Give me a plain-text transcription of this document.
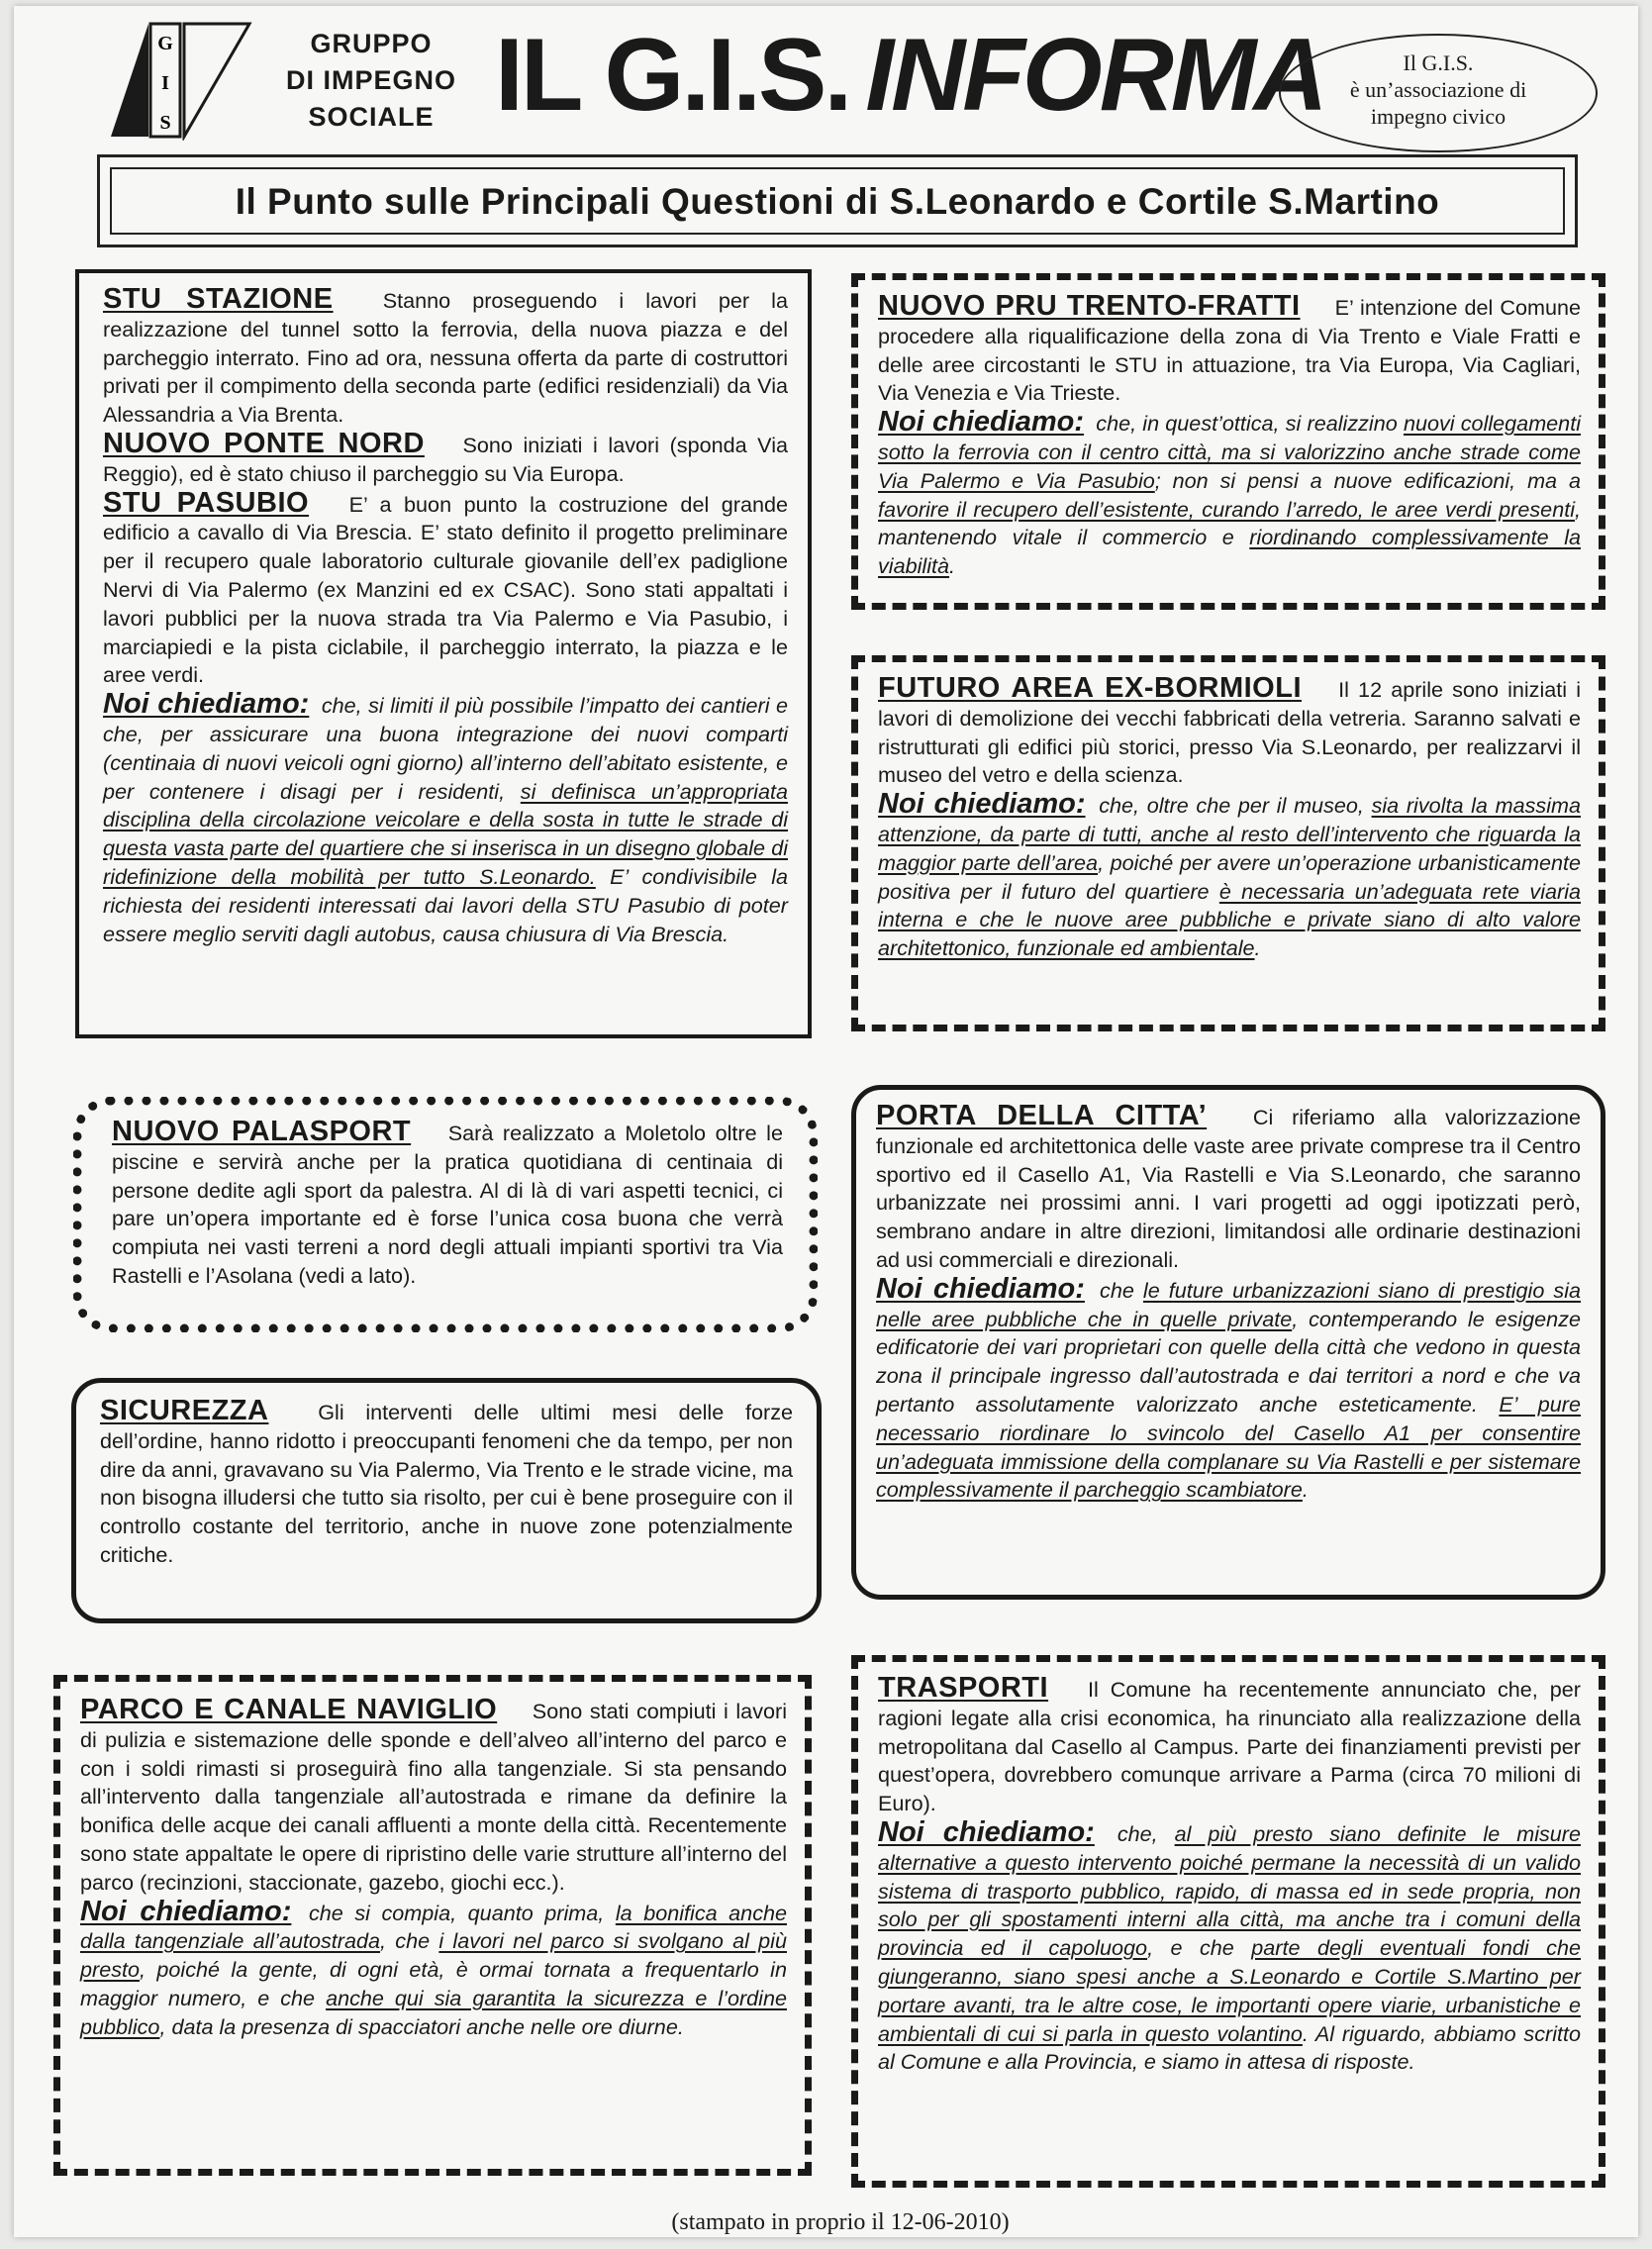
G
I
S
GRUPPO
DI IMPEGNO
SOCIALE IL G.I.S. INFORMA	Il G.I.S.
è un’associazione di
impegno civico
Il Punto sulle Principali Questioni di S.Leonardo e Cortile S.Martino

STU STAZIONE Stanno proseguendo i lavori per la realizzazione del tunnel sotto la ferrovia, della nuova piazza e del parcheggio interrato. Fino ad ora, nessuna offerta da parte di costruttori privati per il compimento della seconda parte (edifici residenziali) da Via Alessandria a Via Brenta.

NUOVO PONTE NORD Sono iniziati i lavori (sponda Via Reggio), ed è stato chiuso il parcheggio su Via Europa.

STU PASUBIO E’ a buon punto la costruzione del grande edificio a cavallo di Via Brescia. E’ stato definito il progetto preliminare per il recupero quale laboratorio culturale giovanile dell’ex padiglione Nervi di Via Palermo (ex Manzini ed ex CSAC). Sono stati appaltati i lavori pubblici per la nuova strada tra Via Palermo e Via Pasubio, i marciapiedi e la pista ciclabile, il parcheggio interrato, la piazza e le aree verdi.

Noi chiediamo: che, si limiti il più possibile l’impatto dei cantieri e che, per assicurare una buona integrazione dei nuovi comparti (centinaia di nuovi veicoli ogni giorno) all’interno dell’abitato esistente, e per contenere i disagi per i residenti, si definisca un’appropriata disciplina della circolazione veicolare e della sosta in tutte le strade di questa vasta parte del quartiere che si inserisca in un disegno globale di ridefinizione della mobilità per tutto S.Leonardo. E’ condivisibile la richiesta dei residenti interessati dai lavori della STU Pasubio di poter essere meglio serviti dagli autobus, causa chiusura di Via Brescia.

NUOVO PALASPORT Sarà realizzato a Moletolo oltre le piscine e servirà anche per la pratica quotidiana di centinaia di persone dedite agli sport da palestra. Al di là di vari aspetti tecnici, ci pare un’opera importante ed è forse l’unica cosa buona che verrà compiuta nei vasti terreni a nord degli attuali impianti sportivi tra Via Rastelli e l’Asolana (vedi a lato).

SICUREZZA Gli interventi delle ultimi mesi delle forze dell’ordine, hanno ridotto i preoccupanti fenomeni che da tempo, per non dire da anni, gravavano su Via Palermo, Via Trento e le strade vicine, ma non bisogna illudersi che tutto sia risolto, per cui è bene proseguire con il controllo costante del territorio, anche in nuove zone potenzialmente critiche.

PARCO E CANALE NAVIGLIO Sono stati compiuti i lavori di pulizia e sistemazione delle sponde e dell’alveo all’interno del parco e con i soldi rimasti si proseguirà fino alla tangenziale. Si sta pensando all’intervento dalla tangenziale all’autostrada e rimane da definire la bonifica delle acque dei canali affluenti a monte della città. Recentemente sono state appaltate le opere di ripristino delle varie strutture all’interno del parco (recinzioni, staccionate, gazebo, giochi ecc.).

Noi chiediamo: che si compia, quanto prima, la bonifica anche dalla tangenziale all’autostrada, che i lavori nel parco si svolgano al più presto, poiché la gente, di ogni età, è ormai tornata a frequentarlo in maggior numero, e che anche qui sia garantita la sicurezza e l’ordine pubblico, data la presenza di spacciatori anche nelle ore diurne.

NUOVO PRU TRENTO-FRATTI E’ intenzione del Comune procedere alla riqualificazione della zona di Via Trento e Viale Fratti e delle aree circostanti le STU in attuazione, tra Via Europa, Via Cagliari, Via Venezia e Via Trieste.

Noi chiediamo: che, in quest’ottica, si realizzino nuovi collegamenti sotto la ferrovia con il centro città, ma si valorizzino anche strade come Via Palermo e Via Pasubio; non si pensi a nuove edificazioni, ma a favorire il recupero dell’esistente, curando l’arredo, le aree verdi presenti, mantenendo vitale il commercio e riordinando complessivamente la viabilità.

FUTURO AREA EX-BORMIOLI Il 12 aprile sono iniziati i lavori di demolizione dei vecchi fabbricati della vetreria. Saranno salvati e ristrutturati gli edifici più storici, presso Via S.Leonardo, per realizzarvi il museo del vetro e della scienza.

Noi chiediamo: che, oltre che per il museo, sia rivolta la massima attenzione, da parte di tutti, anche al resto dell’intervento che riguarda la maggior parte dell’area, poiché per avere un’operazione urbanisticamente positiva per il futuro del quartiere è necessaria un’adeguata rete viaria interna e che le nuove aree pubbliche e private siano di alto valore architettonico, funzionale ed ambientale.

PORTA DELLA CITTA’ Ci riferiamo alla valorizzazione funzionale ed architettonica delle vaste aree private comprese tra il Centro sportivo ed il Casello A1, Via Rastelli e Via S.Leonardo, che saranno urbanizzate nei prossimi anni. I vari progetti ad oggi ipotizzati però, sembrano andare in altre direzioni, limitandosi alle ordinarie destinazioni ad usi commerciali e direzionali.

Noi chiediamo: che le future urbanizzazioni siano di prestigio sia nelle aree pubbliche che in quelle private, contemperando le esigenze edificatorie dei vari proprietari con quelle della città che vedono in questa zona il principale ingresso dall’autostrada e dai territori a nord e che va pertanto assolutamente valorizzato anche esteticamente. E’ pure necessario riordinare lo svincolo del Casello A1 per consentire un’adeguata immissione della complanare su Via Rastelli e per sistemare complessivamente il parcheggio scambiatore.

TRASPORTI Il Comune ha recentemente annunciato che, per ragioni legate alla crisi economica, ha rinunciato alla realizzazione della metropolitana dal Casello al Campus. Parte dei finanziamenti previsti per quest’opera, dovrebbero comunque arrivare a Parma (circa 70 milioni di Euro).

Noi chiediamo: che, al più presto siano definite le misure alternative a questo intervento poiché permane la necessità di un valido sistema di trasporto pubblico, rapido, di massa ed in sede propria, non solo per gli spostamenti interni alla città, ma anche tra i comuni della provincia ed il capoluogo, e che parte degli eventuali fondi che giungeranno, siano spesi anche a S.Leonardo e Cortile S.Martino per portare avanti, tra le altre cose, le importanti opere viarie, urbanistiche e ambientali di cui si parla in questo volantino. Al riguardo, abbiamo scritto al Comune e alla Provincia, e siamo in attesa di risposte.

(stampato in proprio il 12-06-2010)
